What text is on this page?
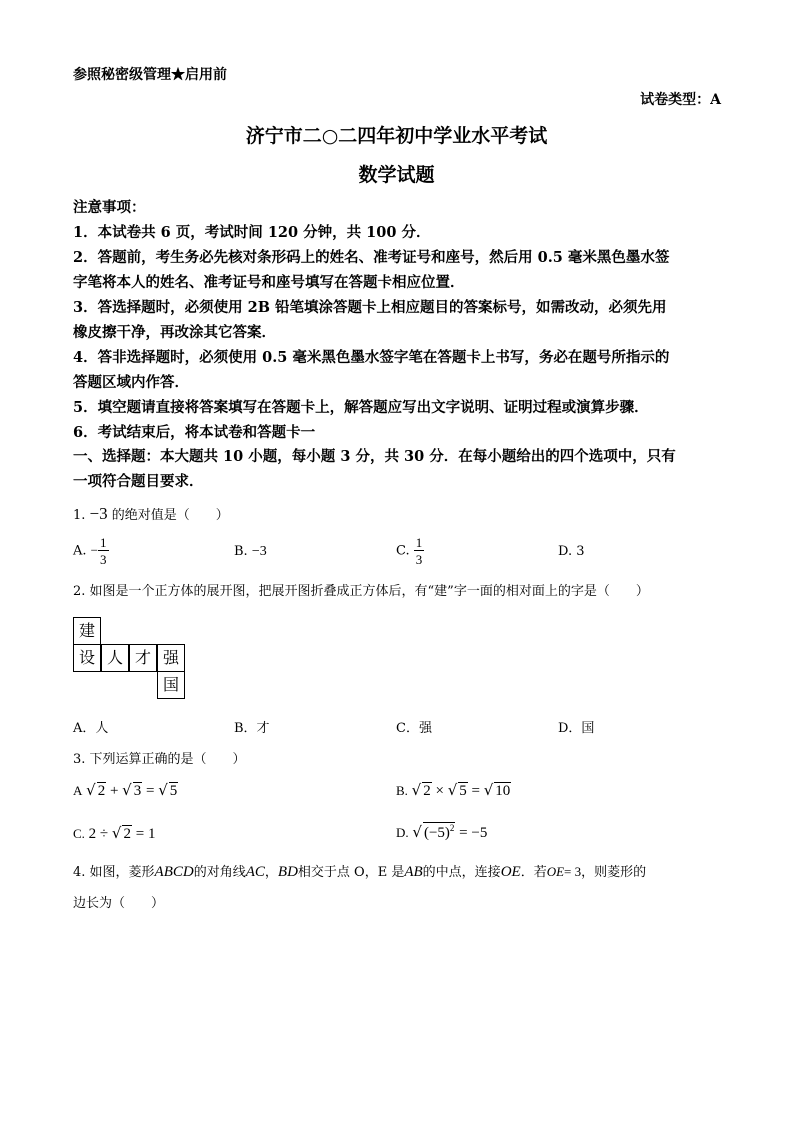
参照秘密级管理★启用前
试卷类型：A
济宁市二○二四年初中学业水平考试
数学试题
注意事项：
1．本试卷共 6 页，考试时间 120 分钟，共 100 分．
2．答题前，考生务必先核对条形码上的姓名、准考证号和座号，然后用 0.5 毫米黑色墨水签
字笔将本人的姓名、准考证号和座号填写在答题卡相应位置．
3．答选择题时，必须使用 2B 铅笔填涂答题卡上相应题目的答案标号，如需改动，必须先用
橡皮擦干净，再改涂其它答案．
4．答非选择题时，必须使用 0.5 毫米黑色墨水签字笔在答题卡上书写，务必在题号所指示的
答题区域内作答．
5．填空题请直接将答案填写在答题卡上，解答题应写出文字说明、证明过程或演算步骤．
6．考试结束后，将本试卷和答题卡一
一、选择题：本大题共 10 小题，每小题 3 分，共 30 分．在每小题给出的四个选项中，只有
一项符合题目要求．
1. −3 的绝对值是（　　）
A. − $\frac{1}{3}$	B. −3	C. $\frac{1}{3}$	D. 3
2. 如图是一个正方体的展开图，把展开图折叠成正方体后，有“建”字一面的相对面上的字是（　　）
建
设 人 才 强
国
A．人	B．才	C．强	D．国
3. 下列运算正确的是（　　）
A √ 2 + √ 3 = √ 5	B. √ 2 × √ 5 = √ 10
C. 2 ÷ √ 2 = 1	D. √ $(-5)^2 = -5$
4. 如图，菱形ABCD的对角线AC，BD相交于点 O，E 是AB的中点，连接OE．若OE= 3，则菱形的
边长为（　　）
